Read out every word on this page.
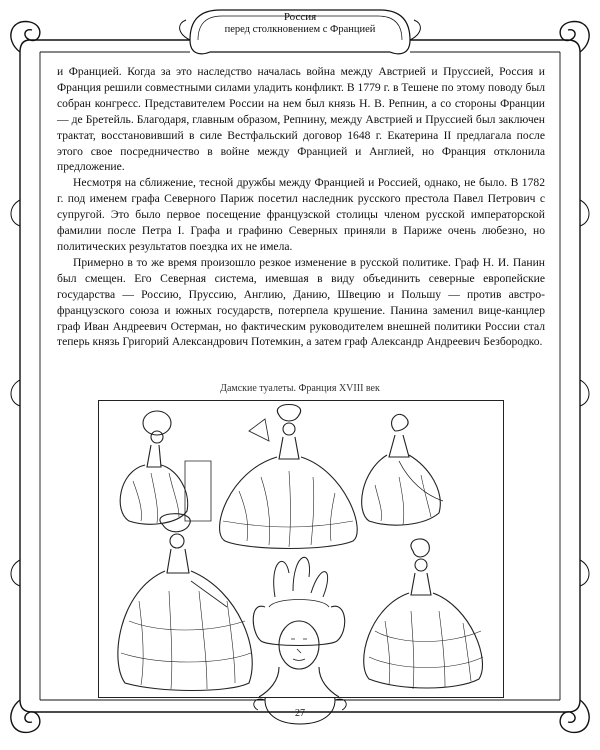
Россия
перед столкновением с Францией

и Францией. Когда за это наследство началась война между Австрией и Пруссией, Россия и Франция решили совместными силами уладить конфликт. В 1779 г. в Тешене по этому поводу был собран конгресс. Представителем России на нем был князь Н. В. Репнин, а со стороны Франции — де Бретейль. Благодаря, главным образом, Репнину, между Австрией и Пруссией был заключен трактат, восстановивший в силе Вестфальский договор 1648 г. Екатерина II предлагала после этого свое посредничество в войне между Францией и Англией, но Франция отклонила предложение.

Несмотря на сближение, тесной дружбы между Францией и Россией, однако, не было. В 1782 г. под именем графа Северного Париж посетил наследник русского престола Павел Петрович с супругой. Это было первое посещение французской столицы членом русской императорской фамилии после Петра I. Графа и графиню Северных приняли в Париже очень любезно, но политических результатов поездка их не имела.

Примерно в то же время произошло резкое изменение в русской политике. Граф Н. И. Панин был смещен. Его Северная система, имевшая в виду объединить северные европейские государства — Россию, Пруссию, Англию, Данию, Швецию и Польшу — против австро-французского союза и южных государств, потерпела крушение. Панина заменил вице-канцлер граф Иван Андреевич Остерман, но фактическим руководителем внешней политики России стал теперь князь Григорий Александрович Потемкин, а затем граф Александр Андреевич Безбородко.

Дамские туалеты. Франция XVIII век
27
